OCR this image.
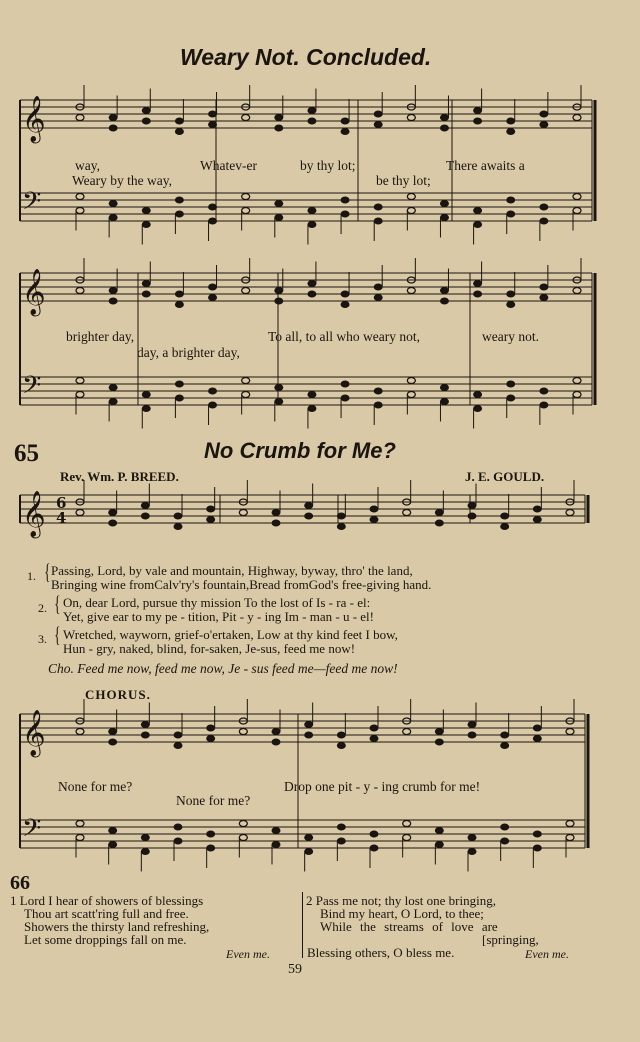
𝄞
𝄢
𝄞
𝄢
𝄞 6
4
𝄞
𝄢
Weary Not. Concluded.
way,	Whatev-er	by thy lot;	There awaits a
Weary by the way,	be thy lot;
brighter day,	To all, to all who weary not,	weary not.
day, a brighter day,
65	No Crumb for Me?
Rev. Wm. P. BREED.	J. E. GOULD.
1. { Passing, Lord, by vale and mountain, Highway, byway, thro' the land,
Bringing wine fromCalv'ry's fountain,Bread fromGod's free-giving hand.
2. { On, dear Lord, pursue thy mission To the lost of Is - ra - el:
Yet, give ear to my pe - tition, Pit - y - ing Im - man - u - el!
3. { Wretched, wayworn, grief-o'ertaken, Low at thy kind feet I bow,
Hun - gry, naked, blind, for-saken, Je-sus, feed me now!
Cho. Feed me now, feed me now, Je - sus feed me—feed me now!
CHORUS.
None for me?	Drop one pit - y - ing crumb for me!
None for me?
66
1 Lord I hear of showers of blessings
Thou art scatt'ring full and free.
Showers the thirsty land refreshing,
Let some droppings fall on me.
Even me.
2 Pass me not; thy lost one bringing,
Bind my heart, O Lord, to thee;
While the streams of love are
[springing,
Blessing others, O bless me.	Even me.
59
